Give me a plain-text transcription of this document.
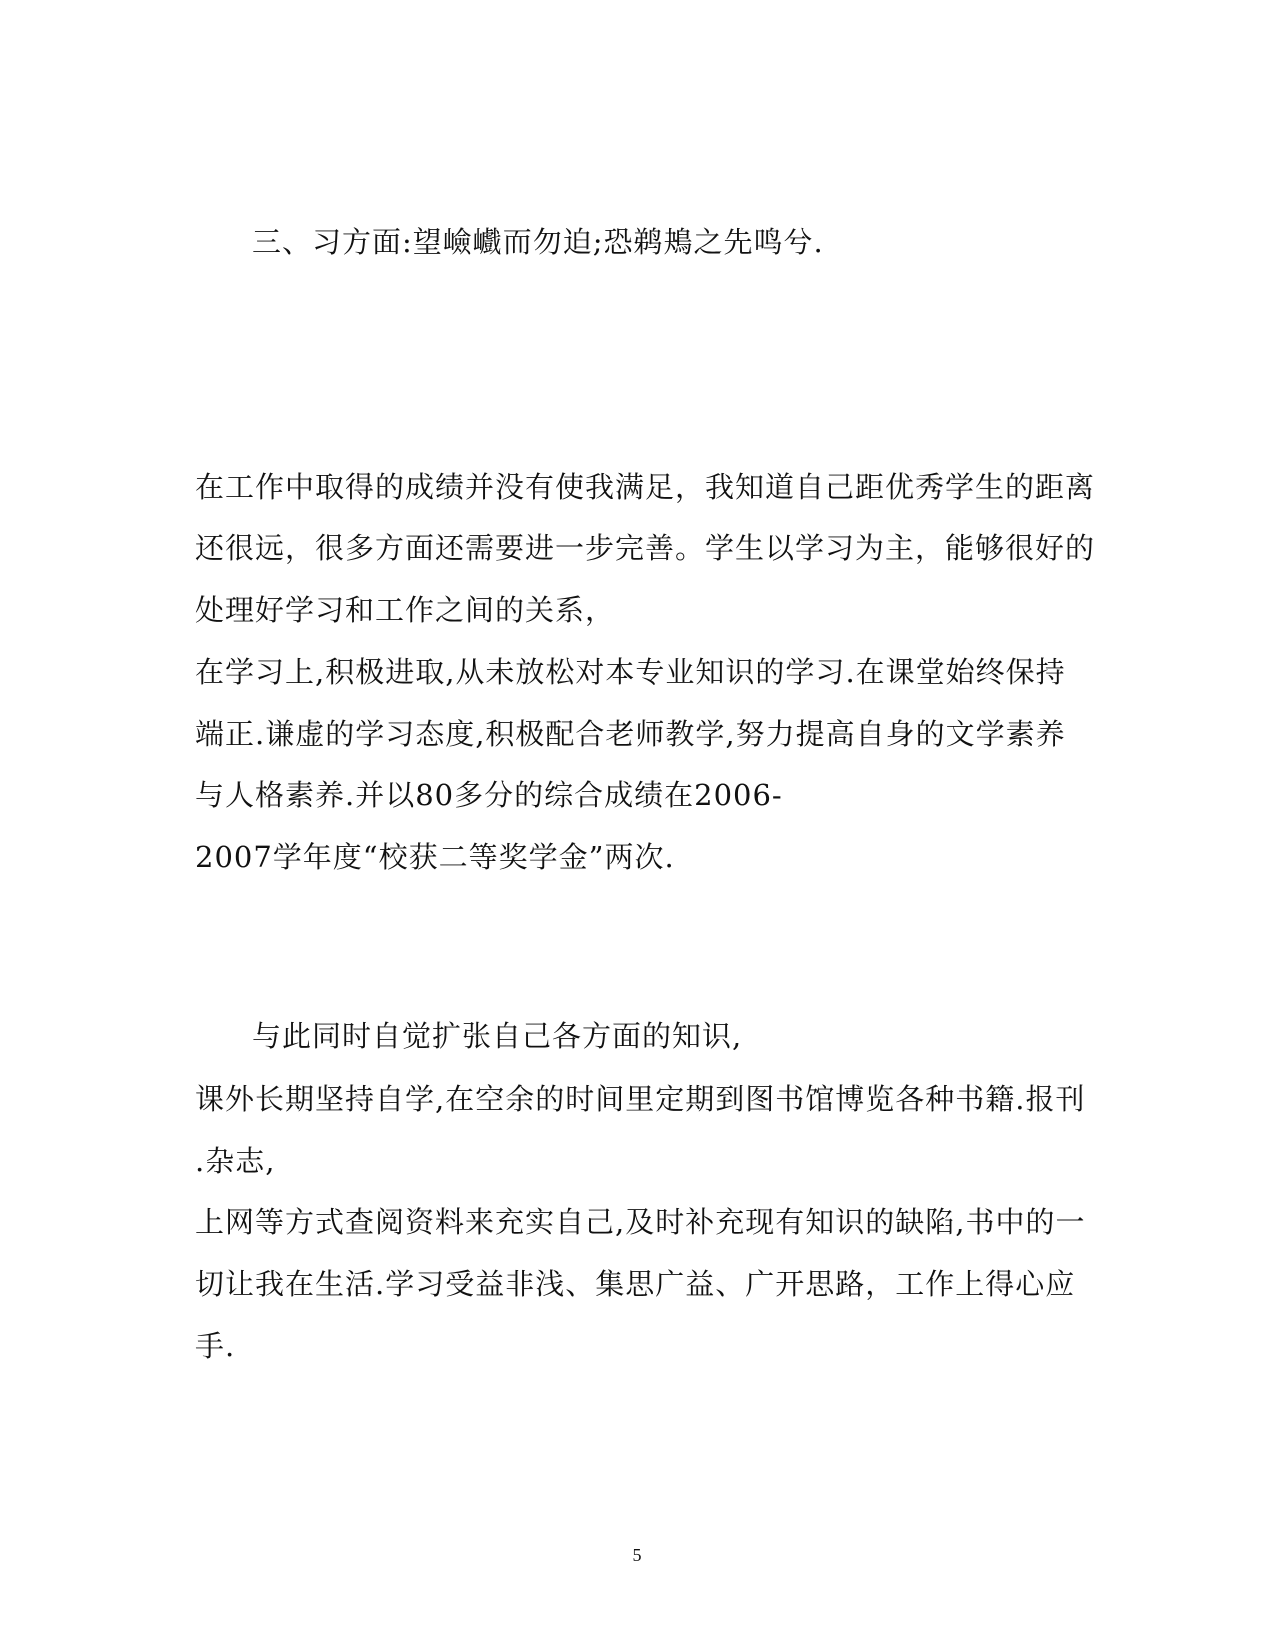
三、习方面:望嶮巇而勿迫;恐鹈鴂之先鸣兮.

在工作中取得的成绩并没有使我满足，我知道自己距优秀学生的距离

还很远，很多方面还需要进一步完善。学生以学习为主，能够很好的

处理好学习和工作之间的关系，

在学习上,积极进取,从未放松对本专业知识的学习.在课堂始终保持

端正.谦虚的学习态度,积极配合老师教学,努力提高自身的文学素养

与人格素养.并以80多分的综合成绩在2006-

2007学年度“校获二等奖学金”两次.

与此同时自觉扩张自己各方面的知识,

课外长期坚持自学,在空余的时间里定期到图书馆博览各种书籍.报刊

.杂志,

上网等方式查阅资料来充实自己,及时补充现有知识的缺陷,书中的一

切让我在生活.学习受益非浅、集思广益、广开思路，工作上得心应

手.

5
